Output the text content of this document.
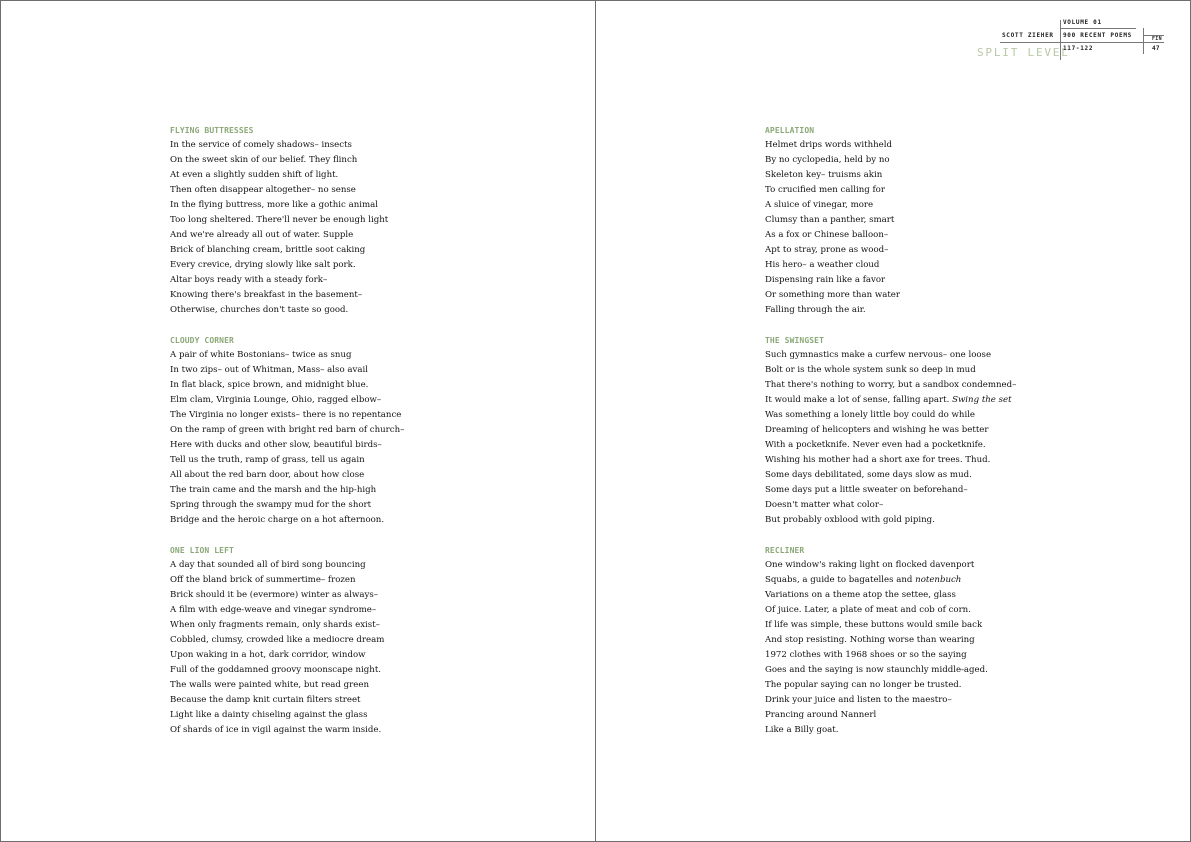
VOLUME 01
SCOTT ZIEHER 900 RECENT POEMS
117-122
FIN
47
SPLIT LEVEL
FLYING BUTTRESSES
In the service of comely shadows– insects
On the sweet skin of our belief. They flinch
At even a slightly sudden shift of light.
Then often disappear altogether– no sense
In the flying buttress, more like a gothic animal
Too long sheltered. There'll never be enough light
And we're already all out of water. Supple
Brick of blanching cream, brittle soot caking
Every crevice, drying slowly like salt pork.
Altar boys ready with a steady fork–
Knowing there's breakfast in the basement–
Otherwise, churches don't taste so good.
CLOUDY CORNER
A pair of white Bostonians– twice as snug
In two zips– out of Whitman, Mass– also avail
In flat black, spice brown, and midnight blue.
Elm clam, Virginia Lounge, Ohio, ragged elbow–
The Virginia no longer exists– there is no repentance
On the ramp of green with bright red barn of church–
Here with ducks and other slow, beautiful birds–
Tell us the truth, ramp of grass, tell us again
All about the red barn door, about how close
The train came and the marsh and the hip-high
Spring through the swampy mud for the short
Bridge and the heroic charge on a hot afternoon.
ONE LION LEFT
A day that sounded all of bird song bouncing
Off the bland brick of summertime– frozen
Brick should it be (evermore) winter as always–
A film with edge-weave and vinegar syndrome–
When only fragments remain, only shards exist–
Cobbled, clumsy, crowded like a mediocre dream
Upon waking in a hot, dark corridor, window
Full of the goddamned groovy moonscape night.
The walls were painted white, but read green
Because the damp knit curtain filters street
Light like a dainty chiseling against the glass
Of shards of ice in vigil against the warm inside.
APELLATION
Helmet drips words withheld
By no cyclopedia, held by no
Skeleton key– truisms akin
To crucified men calling for
A sluice of vinegar, more
Clumsy than a panther, smart
As a fox or Chinese balloon–
Apt to stray, prone as wood–
His hero– a weather cloud
Dispensing rain like a favor
Or something more than water
Falling through the air.
THE SWINGSET
Such gymnastics make a curfew nervous– one loose
Bolt or is the whole system sunk so deep in mud
That there's nothing to worry, but a sandbox condemned–
It would make a lot of sense, falling apart. Swing the set
Was something a lonely little boy could do while
Dreaming of helicopters and wishing he was better
With a pocketknife. Never even had a pocketknife.
Wishing his mother had a short axe for trees. Thud.
Some days debilitated, some days slow as mud.
Some days put a little sweater on beforehand–
Doesn't matter what color–
But probably oxblood with gold piping.
RECLINER
One window's raking light on flocked davenport
Squabs, a guide to bagatelles and notenbuch
Variations on a theme atop the settee, glass
Of juice. Later, a plate of meat and cob of corn.
If life was simple, these buttons would smile back
And stop resisting. Nothing worse than wearing
1972 clothes with 1968 shoes or so the saying
Goes and the saying is now staunchly middle-aged.
The popular saying can no longer be trusted.
Drink your juice and listen to the maestro–
Prancing around Nannerl
Like a Billy goat.
